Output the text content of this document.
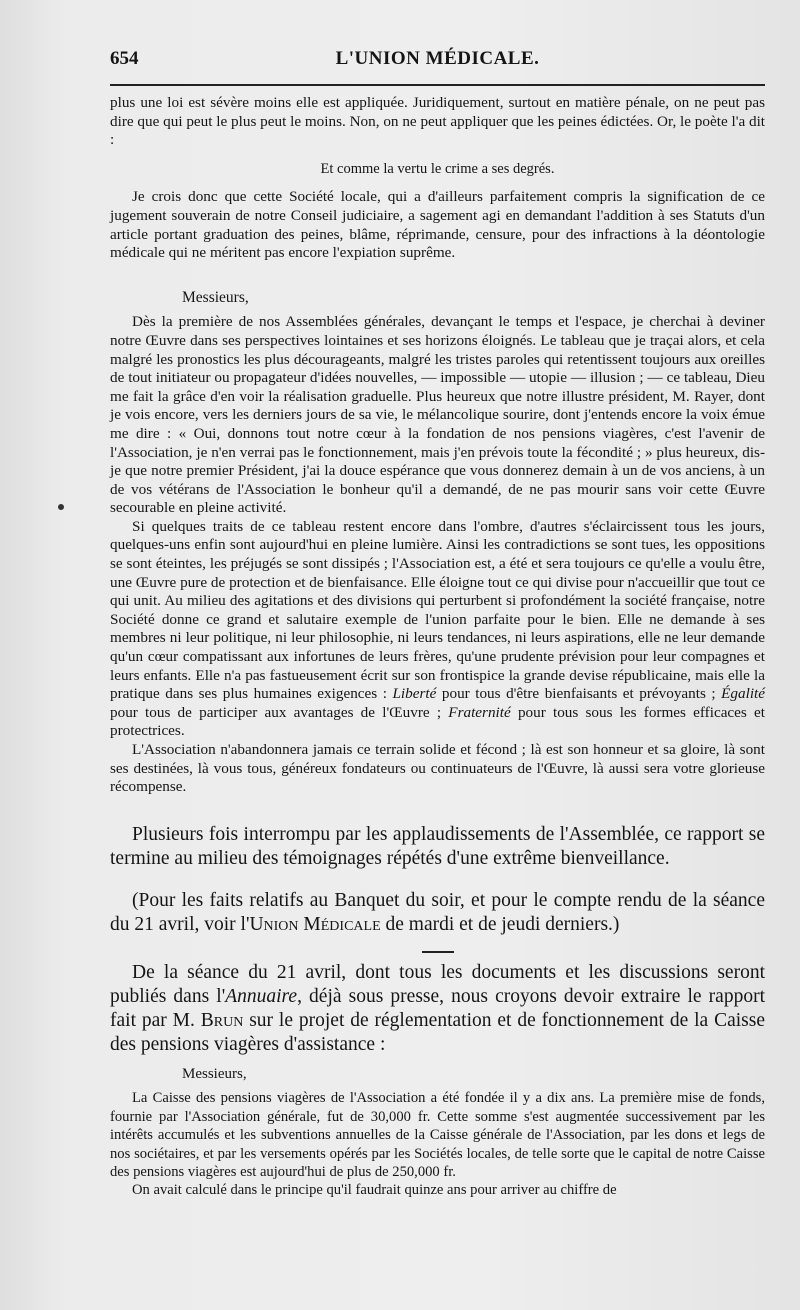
654	L'UNION MÉDICALE.

plus une loi est sévère moins elle est appliquée. Juridiquement, surtout en matière pénale, on ne peut pas dire que qui peut le plus peut le moins. Non, on ne peut appliquer que les peines édictées. Or, le poète l'a dit :

Et comme la vertu le crime a ses degrés.

Je crois donc que cette Société locale, qui a d'ailleurs parfaitement compris la signification de ce jugement souverain de notre Conseil judiciaire, a sagement agi en demandant l'addition à ses Statuts d'un article portant graduation des peines, blâme, réprimande, censure, pour des infractions à la déontologie médicale qui ne méritent pas encore l'expiation suprême.

Messieurs,

Dès la première de nos Assemblées générales, devançant le temps et l'espace, je cherchai à deviner notre Œuvre dans ses perspectives lointaines et ses horizons éloignés. Le tableau que je traçai alors, et cela malgré les pronostics les plus décourageants, malgré les tristes paroles qui retentissent toujours aux oreilles de tout initiateur ou propagateur d'idées nouvelles, — impossible — utopie — illusion ; — ce tableau, Dieu me fait la grâce d'en voir la réalisation graduelle. Plus heureux que notre illustre président, M. Rayer, dont je vois encore, vers les derniers jours de sa vie, le mélancolique sourire, dont j'entends encore la voix émue me dire : « Oui, donnons tout notre cœur à la fondation de nos pensions viagères, c'est l'avenir de l'Association, je n'en verrai pas le fonctionnement, mais j'en prévois toute la fécondité ; » plus heureux, dis-je que notre premier Président, j'ai la douce espérance que vous donnerez demain à un de vos anciens, à un de vos vétérans de l'Association le bonheur qu'il a demandé, de ne pas mourir sans voir cette Œuvre secourable en pleine activité.

Si quelques traits de ce tableau restent encore dans l'ombre, d'autres s'éclaircissent tous les jours, quelques-uns enfin sont aujourd'hui en pleine lumière. Ainsi les contradictions se sont tues, les oppositions se sont éteintes, les préjugés se sont dissipés ; l'Association est, a été et sera toujours ce qu'elle a voulu être, une Œuvre pure de protection et de bienfaisance. Elle éloigne tout ce qui divise pour n'accueillir que tout ce qui unit. Au milieu des agitations et des divisions qui perturbent si profondément la société française, notre Société donne ce grand et salutaire exemple de l'union parfaite pour le bien. Elle ne demande à ses membres ni leur politique, ni leur philosophie, ni leurs tendances, ni leurs aspirations, elle ne leur demande qu'un cœur compatissant aux infortunes de leurs frères, qu'une prudente prévision pour leur compagnes et leurs enfants. Elle n'a pas fastueusement écrit sur son frontispice la grande devise républicaine, mais elle la pratique dans ses plus humaines exigences : Liberté pour tous d'être bienfaisants et prévoyants ; Égalité pour tous de participer aux avantages de l'Œuvre ; Fraternité pour tous sous les formes efficaces et protectrices.

L'Association n'abandonnera jamais ce terrain solide et fécond ; là est son honneur et sa gloire, là sont ses destinées, là vous tous, généreux fondateurs ou continuateurs de l'Œuvre, là aussi sera votre glorieuse récompense.

Plusieurs fois interrompu par les applaudissements de l'Assemblée, ce rapport se termine au milieu des témoignages répétés d'une extrême bienveillance.

(Pour les faits relatifs au Banquet du soir, et pour le compte rendu de la séance du 21 avril, voir l'Union Médicale de mardi et de jeudi derniers.)

De la séance du 21 avril, dont tous les documents et les discussions seront publiés dans l'Annuaire, déjà sous presse, nous croyons devoir extraire le rapport fait par M. Brun sur le projet de réglementation et de fonctionnement de la Caisse des pensions viagères d'assistance :

Messieurs,

La Caisse des pensions viagères de l'Association a été fondée il y a dix ans. La première mise de fonds, fournie par l'Association générale, fut de 30,000 fr. Cette somme s'est augmentée successivement par les intérêts accumulés et les subventions annuelles de la Caisse générale de l'Association, par les dons et legs de nos sociétaires, et par les versements opérés par les Sociétés locales, de telle sorte que le capital de notre Caisse des pensions viagères est aujourd'hui de plus de 250,000 fr.

On avait calculé dans le principe qu'il faudrait quinze ans pour arriver au chiffre de
